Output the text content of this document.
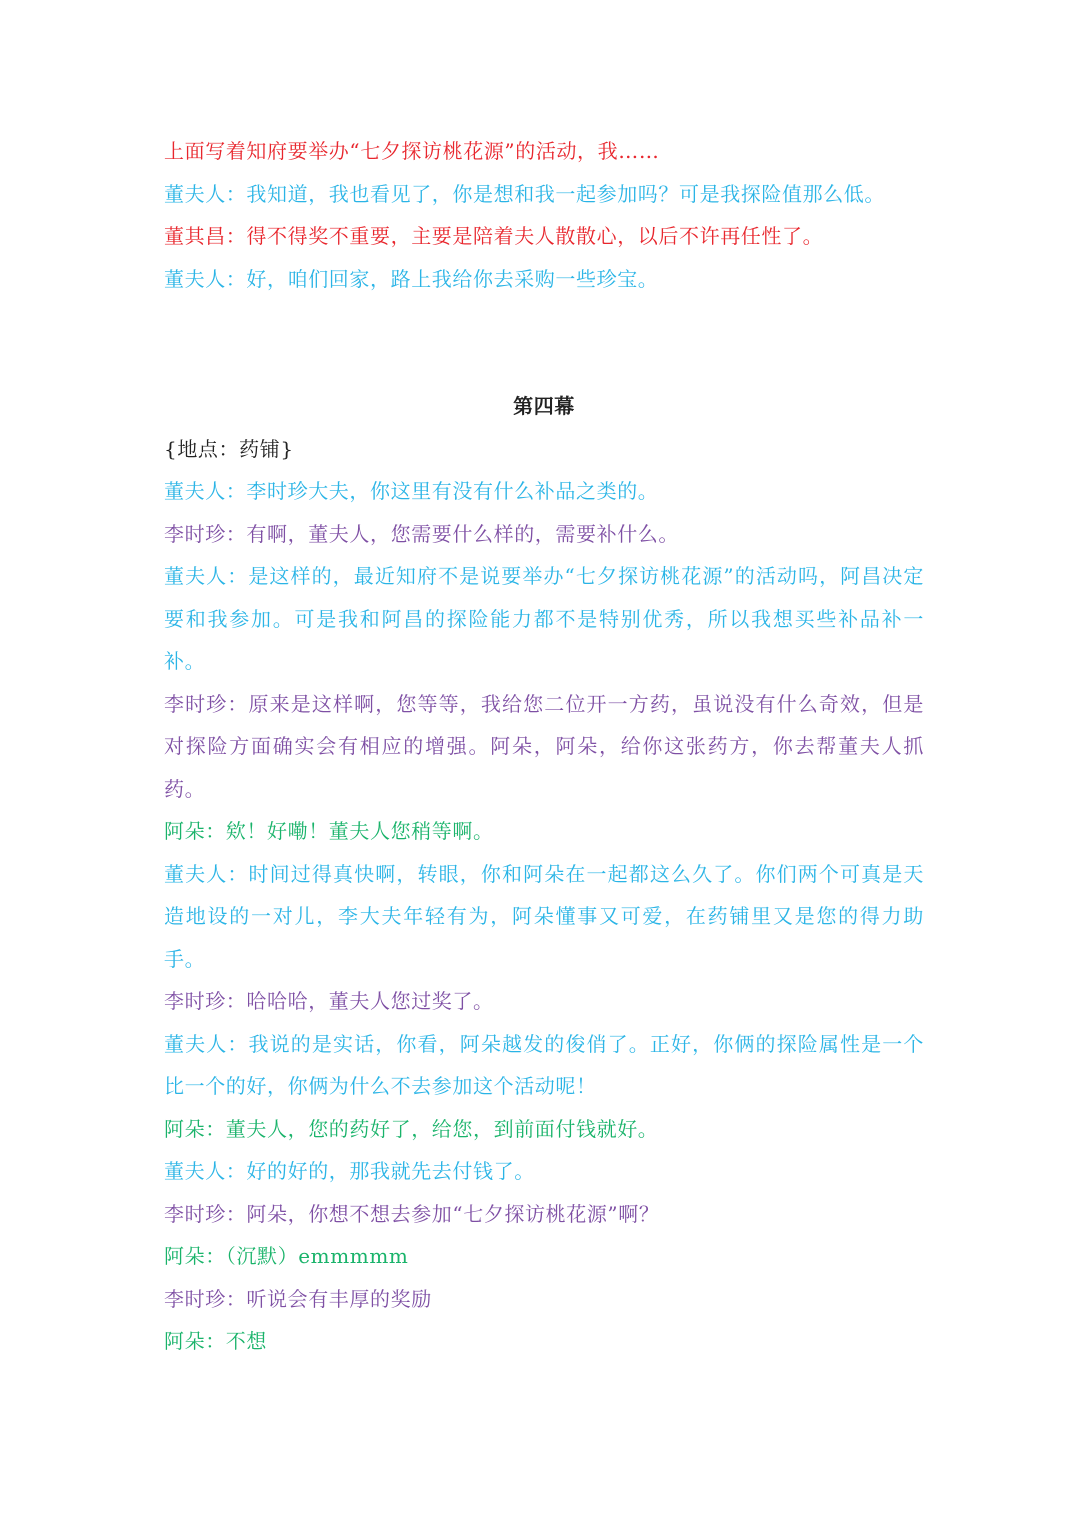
上面写着知府要举办“七夕探访桃花源”的活动，我……
董夫人：我知道，我也看见了，你是想和我一起参加吗？可是我探险值那么低。
董其昌：得不得奖不重要，主要是陪着夫人散散心，以后不许再任性了。
董夫人：好，咱们回家，路上我给你去采购一些珍宝。
第四幕
{地点：药铺}

董夫人：李时珍大夫，你这里有没有什么补品之类的。

李时珍：有啊，董夫人，您需要什么样的，需要补什么。

董夫人：是这样的，最近知府不是说要举办“七夕探访桃花源”的活动吗，阿昌决定要和我参加。可是我和阿昌的探险能力都不是特别优秀，所以我想买些补品补一补。

李时珍：原来是这样啊，您等等，我给您二位开一方药，虽说没有什么奇效，但是对探险方面确实会有相应的增强。阿朵，阿朵，给你这张药方，你去帮董夫人抓药。

阿朵：欸！好嘞！董夫人您稍等啊。

董夫人：时间过得真快啊，转眼，你和阿朵在一起都这么久了。你们两个可真是天造地设的一对儿，李大夫年轻有为，阿朵懂事又可爱，在药铺里又是您的得力助手。

李时珍：哈哈哈，董夫人您过奖了。

董夫人：我说的是实话，你看，阿朵越发的俊俏了。正好，你俩的探险属性是一个比一个的好，你俩为什么不去参加这个活动呢！

阿朵：董夫人，您的药好了，给您，到前面付钱就好。

董夫人：好的好的，那我就先去付钱了。

李时珍：阿朵，你想不想去参加“七夕探访桃花源”啊？

阿朵：（沉默）emmmmm

李时珍：听说会有丰厚的奖励

阿朵：不想
